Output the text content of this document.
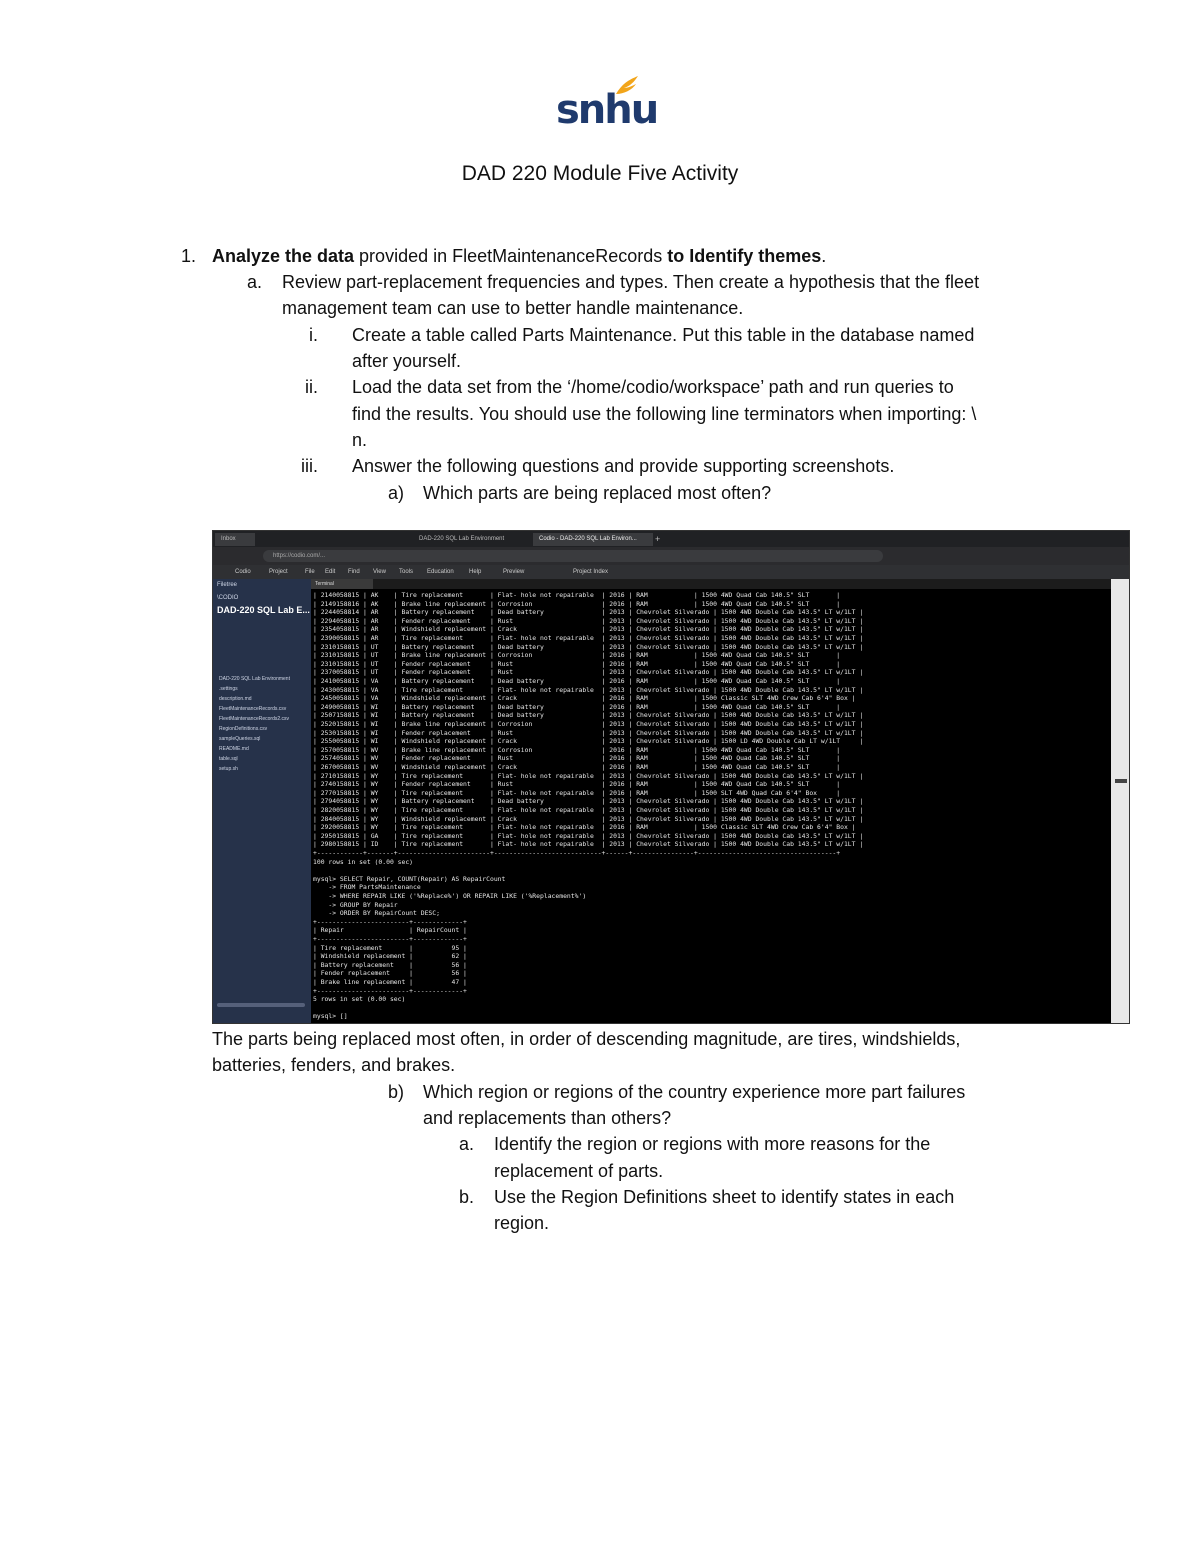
snhu
DAD 220 Module Five Activity
1. Analyze the data provided in FleetMaintenanceRecords to Identify themes.
a. Review part-replacement frequencies and types. Then create a hypothesis that the fleet
management team can use to better handle maintenance.
i. Create a table called Parts Maintenance. Put this table in the database named
after yourself.
ii. Load the data set from the ‘/home/codio/workspace’ path and run queries to
find the results. You should use the following line terminators when importing: \
n.
iii. Answer the following questions and provide supporting screenshots.
a) Which parts are being replaced most often?
Inbox	DAD-220 SQL Lab Environment	Codio - DAD-220 SQL Lab Environ...	+
https://codio.com/...
Codio	Project	File Edit Find View Tools Education	Help	Preview	Project Index
Filetree
\CODIO
DAD-220 SQL Lab E...
DAD-220 SQL Lab Environment
.settings
description.md
FleetMaintenanceRecords.csv
FleetMaintenanceRecords2.csv
RegionDefinitions.csv
sampleQueries.sql
README.md
table.sql
setup.sh
Terminal
| 2140058815 | AK    | Tire replacement       | Flat- hole not repairable  | 2016 | RAM            | 1500 4WD Quad Cab 140.5" SLT       |
| 2149158816 | AK    | Brake line replacement | Corrosion                  | 2016 | RAM            | 1500 4WD Quad Cab 140.5" SLT       |
| 2244058814 | AR    | Battery replacement    | Dead battery               | 2013 | Chevrolet Silverado | 1500 4WD Double Cab 143.5" LT w/1LT |
| 2294058815 | AR    | Fender replacement     | Rust                       | 2013 | Chevrolet Silverado | 1500 4WD Double Cab 143.5" LT w/1LT |
| 2354058815 | AR    | Windshield replacement | Crack                      | 2013 | Chevrolet Silverado | 1500 4WD Double Cab 143.5" LT w/1LT |
| 2390058815 | AR    | Tire replacement       | Flat- hole not repairable  | 2013 | Chevrolet Silverado | 1500 4WD Double Cab 143.5" LT w/1LT |
| 2310158815 | UT    | Battery replacement    | Dead battery               | 2013 | Chevrolet Silverado | 1500 4WD Double Cab 143.5" LT w/1LT |
| 2310158815 | UT    | Brake line replacement | Corrosion                  | 2016 | RAM            | 1500 4WD Quad Cab 140.5" SLT       |
| 2310158815 | UT    | Fender replacement     | Rust                       | 2016 | RAM            | 1500 4WD Quad Cab 140.5" SLT       |
| 2370058815 | UT    | Fender replacement     | Rust                       | 2013 | Chevrolet Silverado | 1500 4WD Double Cab 143.5" LT w/1LT |
| 2410058815 | VA    | Battery replacement    | Dead battery               | 2016 | RAM            | 1500 4WD Quad Cab 140.5" SLT       |
| 2430058815 | VA    | Tire replacement       | Flat- hole not repairable  | 2013 | Chevrolet Silverado | 1500 4WD Double Cab 143.5" LT w/1LT |
| 2450058815 | VA    | Windshield replacement | Crack                      | 2016 | RAM            | 1500 Classic SLT 4WD Crew Cab 6'4" Box |
| 2490058815 | WI    | Battery replacement    | Dead battery               | 2016 | RAM            | 1500 4WD Quad Cab 140.5" SLT       |
| 2507158815 | WI    | Battery replacement    | Dead battery               | 2013 | Chevrolet Silverado | 1500 4WD Double Cab 143.5" LT w/1LT |
| 2520158815 | WI    | Brake line replacement | Corrosion                  | 2013 | Chevrolet Silverado | 1500 4WD Double Cab 143.5" LT w/1LT |
| 2530158815 | WI    | Fender replacement     | Rust                       | 2013 | Chevrolet Silverado | 1500 4WD Double Cab 143.5" LT w/1LT |
| 2550058815 | WI    | Windshield replacement | Crack                      | 2013 | Chevrolet Silverado | 1500 LD 4WD Double Cab LT w/1LT     |
| 2570058815 | WV    | Brake line replacement | Corrosion                  | 2016 | RAM            | 1500 4WD Quad Cab 140.5" SLT       |
| 2574058815 | WV    | Fender replacement     | Rust                       | 2016 | RAM            | 1500 4WD Quad Cab 140.5" SLT       |
| 2670058815 | WV    | Windshield replacement | Crack                      | 2016 | RAM            | 1500 4WD Quad Cab 140.5" SLT       |
| 2710158815 | WY    | Tire replacement       | Flat- hole not repairable  | 2013 | Chevrolet Silverado | 1500 4WD Double Cab 143.5" LT w/1LT |
| 2740158815 | WY    | Fender replacement     | Rust                       | 2016 | RAM            | 1500 4WD Quad Cab 140.5" SLT       |
| 2770158815 | WY    | Tire replacement       | Flat- hole not repairable  | 2016 | RAM            | 1500 SLT 4WD Quad Cab 6'4" Box     |
| 2794058815 | WY    | Battery replacement    | Dead battery               | 2013 | Chevrolet Silverado | 1500 4WD Double Cab 143.5" LT w/1LT |
| 2820058815 | WY    | Tire replacement       | Flat- hole not repairable  | 2013 | Chevrolet Silverado | 1500 4WD Double Cab 143.5" LT w/1LT |
| 2840058815 | WY    | Windshield replacement | Crack                      | 2013 | Chevrolet Silverado | 1500 4WD Double Cab 143.5" LT w/1LT |
| 2920058815 | WY    | Tire replacement       | Flat- hole not repairable  | 2016 | RAM            | 1500 Classic SLT 4WD Crew Cab 6'4" Box |
| 2950158815 | GA    | Tire replacement       | Flat- hole not repairable  | 2013 | Chevrolet Silverado | 1500 4WD Double Cab 143.5" LT w/1LT |
| 2980158815 | ID    | Tire replacement       | Flat- hole not repairable  | 2013 | Chevrolet Silverado | 1500 4WD Double Cab 143.5" LT w/1LT |
+------------+-------+------------------------+----------------------------+------+----------------+------------------------------------+
100 rows in set (0.00 sec)
mysql> SELECT Repair, COUNT(Repair) AS RepairCount
-> FROM PartsMaintenance
-> WHERE REPAIR LIKE ('%Replace%') OR REPAIR LIKE ('%Replacement%')
-> GROUP BY Repair
-> ORDER BY RepairCount DESC;
+------------------------+-------------+
| Repair                 | RepairCount |
+------------------------+-------------+
| Tire replacement       |          95 |
| Windshield replacement |          62 |
| Battery replacement    |          56 |
| Fender replacement     |          56 |
| Brake line replacement |          47 |
+------------------------+-------------+
5 rows in set (0.00 sec)
mysql> []
The parts being replaced most often, in order of descending magnitude, are tires, windshields,
batteries, fenders, and brakes.
b) Which region or regions of the country experience more part failures
and replacements than others?
a. Identify the region or regions with more reasons for the
replacement of parts.
b. Use the Region Definitions sheet to identify states in each
region.
